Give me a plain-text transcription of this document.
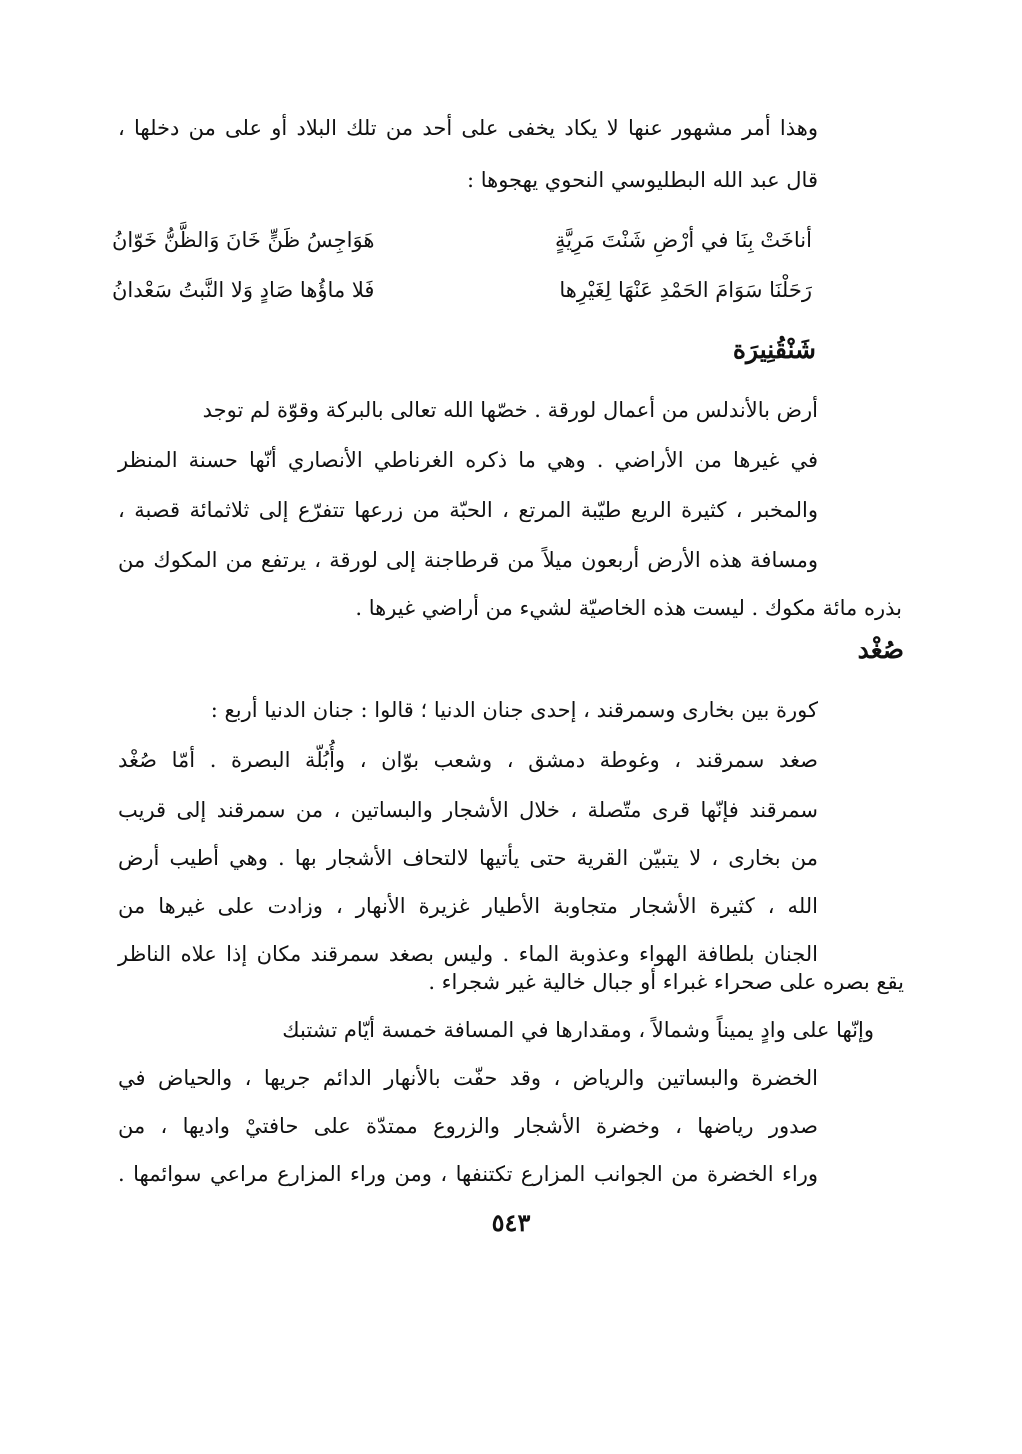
وهذا أمر مشهور عنها لا يكاد يخفى على أحد من تلك البلاد أو على من دخلها ،
قال عبد الله البطليوسي النحوي يهجوها :
أناخَتْ بِنَا في أرْضِ شَنْتَ مَرِيَّةٍ
هَوَاجِسُ ظَنٍّ خَانَ وَالظَّنُّ خَوّانُ
رَحَلْنَا سَوَامَ الحَمْدِ عَنْهَا لِغَيْرِها
فَلا ماؤُها صَادٍ وَلا النَّبتُ سَعْدانُ
شَنْقُنِيرَة
أرض بالأندلس من أعمال لورقة . خصّها الله تعالى بالبركة وقوّة لم توجد
في غيرها من الأراضي . وهي ما ذكره الغرناطي الأنصاري أنّها حسنة المنظر
والمخبر ، كثيرة الريع طيّبة المرتع ، الحبّة من زرعها تتفرّع إلى ثلاثمائة قصبة ،
ومسافة هذه الأرض أربعون ميلاً من قرطاجنة إلى لورقة ، يرتفع من المكوك من
بذره مائة مكوك . ليست هذه الخاصيّة لشيء من أراضي غيرها .
صُغْد
كورة بين بخارى وسمرقند ، إحدى جنان الدنيا ؛ قالوا : جنان الدنيا أربع :
صغد سمرقند ، وغوطة دمشق ، وشعب بوّان ، وأُبُلّة البصرة . أمّا صُغْد
سمرقند فإنّها قرى متّصلة ، خلال الأشجار والبساتين ، من سمرقند إلى قريب
من بخارى ، لا يتبيّن القرية حتى يأتيها لالتحاف الأشجار بها . وهي أطيب أرض
الله ، كثيرة الأشجار متجاوبة الأطيار غزيرة الأنهار ، وزادت على غيرها من
الجنان بلطافة الهواء وعذوبة الماء . وليس بصغد سمرقند مكان إذا علاه الناظر
يقع بصره على صحراء غبراء أو جبال خالية غير شجراء .
وإنّها على وادٍ يميناً وشمالاً ، ومقدارها في المسافة خمسة أيّام تشتبك
الخضرة والبساتين والرياض ، وقد حفّت بالأنهار الدائم جريها ، والحياض في
صدور رياضها ، وخضرة الأشجار والزروع ممتدّة على حافتيْ واديها ، من
وراء الخضرة من الجوانب المزارع تكتنفها ، ومن وراء المزارع مراعي سوائمها .
٥٤٣
